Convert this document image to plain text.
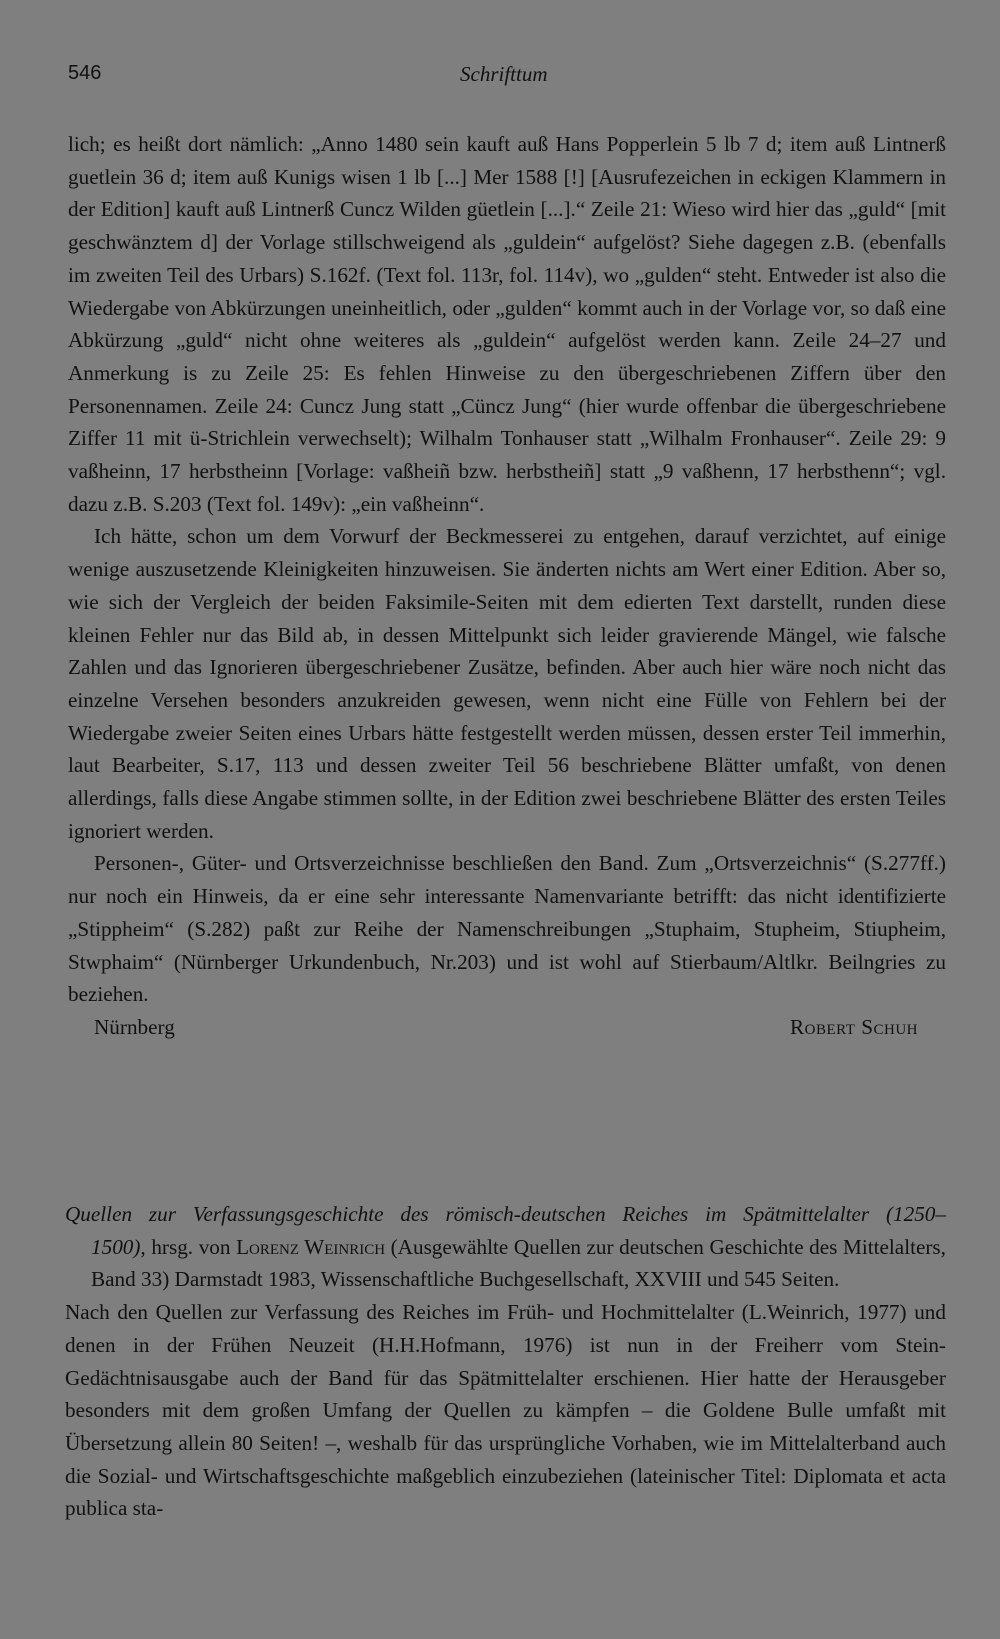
546	Schrifttum

lich; es heißt dort nämlich: „Anno 1480 sein kauft auß Hans Popperlein 5 lb 7 d; item auß Lintnerß guetlein 36 d; item auß Kunigs wisen 1 lb [...] Mer 1588 [!] [Ausrufezeichen in eckigen Klammern in der Edition] kauft auß Lintnerß Cuncz Wilden güetlein [...].“ Zeile 21: Wieso wird hier das „guld“ [mit geschwänztem d] der Vorlage stillschweigend als „guldein“ aufgelöst? Siehe dagegen z.B. (ebenfalls im zweiten Teil des Urbars) S.162f. (Text fol. 113r, fol. 114v), wo „gulden“ steht. Entweder ist also die Wiedergabe von Abkürzungen uneinheitlich, oder „gulden“ kommt auch in der Vorlage vor, so daß eine Abkürzung „guld“ nicht ohne weiteres als „guldein“ aufgelöst werden kann. Zeile 24–27 und Anmerkung is zu Zeile 25: Es fehlen Hinweise zu den übergeschriebenen Ziffern über den Personennamen. Zeile 24: Cuncz Jung statt „Cüncz Jung“ (hier wurde offenbar die übergeschriebene Ziffer 11 mit ü-Strichlein verwechselt); Wilhalm Tonhauser statt „Wilhalm Fronhauser“. Zeile 29: 9 vaßheinn, 17 herbstheinn [Vorlage: vaßheiñ bzw. herbstheiñ] statt „9 vaßhenn, 17 herbsthenn“; vgl. dazu z.B. S.203 (Text fol. 149v): „ein vaßheinn“.

Ich hätte, schon um dem Vorwurf der Beckmesserei zu entgehen, darauf verzichtet, auf einige wenige auszusetzende Kleinigkeiten hinzuweisen. Sie änderten nichts am Wert einer Edition. Aber so, wie sich der Vergleich der beiden Faksimile-Seiten mit dem edierten Text darstellt, runden diese kleinen Fehler nur das Bild ab, in dessen Mittelpunkt sich leider gravierende Mängel, wie falsche Zahlen und das Ignorieren übergeschriebener Zusätze, befinden. Aber auch hier wäre noch nicht das einzelne Versehen besonders anzukreiden gewesen, wenn nicht eine Fülle von Fehlern bei der Wiedergabe zweier Seiten eines Urbars hätte festgestellt werden müssen, dessen erster Teil immerhin, laut Bearbeiter, S.17, 113 und dessen zweiter Teil 56 beschriebene Blätter umfaßt, von denen allerdings, falls diese Angabe stimmen sollte, in der Edition zwei beschriebene Blätter des ersten Teiles ignoriert werden.

Personen-, Güter- und Ortsverzeichnisse beschließen den Band. Zum „Ortsverzeichnis“ (S.277ff.) nur noch ein Hinweis, da er eine sehr interessante Namenvariante betrifft: das nicht identifizierte „Stippheim“ (S.282) paßt zur Reihe der Namenschreibungen „Stuphaim, Stupheim, Stiupheim, Stwphaim“ (Nürnberger Urkundenbuch, Nr.203) und ist wohl auf Stierbaum/Altlkr. Beilngries zu beziehen.

Nürnberg	Robert Schuh

Quellen zur Verfassungsgeschichte des römisch-deutschen Reiches im Spätmittelalter (1250–1500), hrsg. von Lorenz Weinrich (Ausgewählte Quellen zur deutschen Geschichte des Mittelalters, Band 33) Darmstadt 1983, Wissenschaftliche Buchgesellschaft, XXVIII und 545 Seiten.

Nach den Quellen zur Verfassung des Reiches im Früh- und Hochmittelalter (L.Weinrich, 1977) und denen in der Frühen Neuzeit (H.H.Hofmann, 1976) ist nun in der Freiherr vom Stein-Gedächtnisausgabe auch der Band für das Spätmittelalter erschienen. Hier hatte der Herausgeber besonders mit dem großen Umfang der Quellen zu kämpfen – die Goldene Bulle umfaßt mit Übersetzung allein 80 Seiten! –, weshalb für das ursprüngliche Vorhaben, wie im Mittelalterband auch die Sozial- und Wirtschaftsgeschichte maßgeblich einzubeziehen (lateinischer Titel: Diplomata et acta publica sta-
